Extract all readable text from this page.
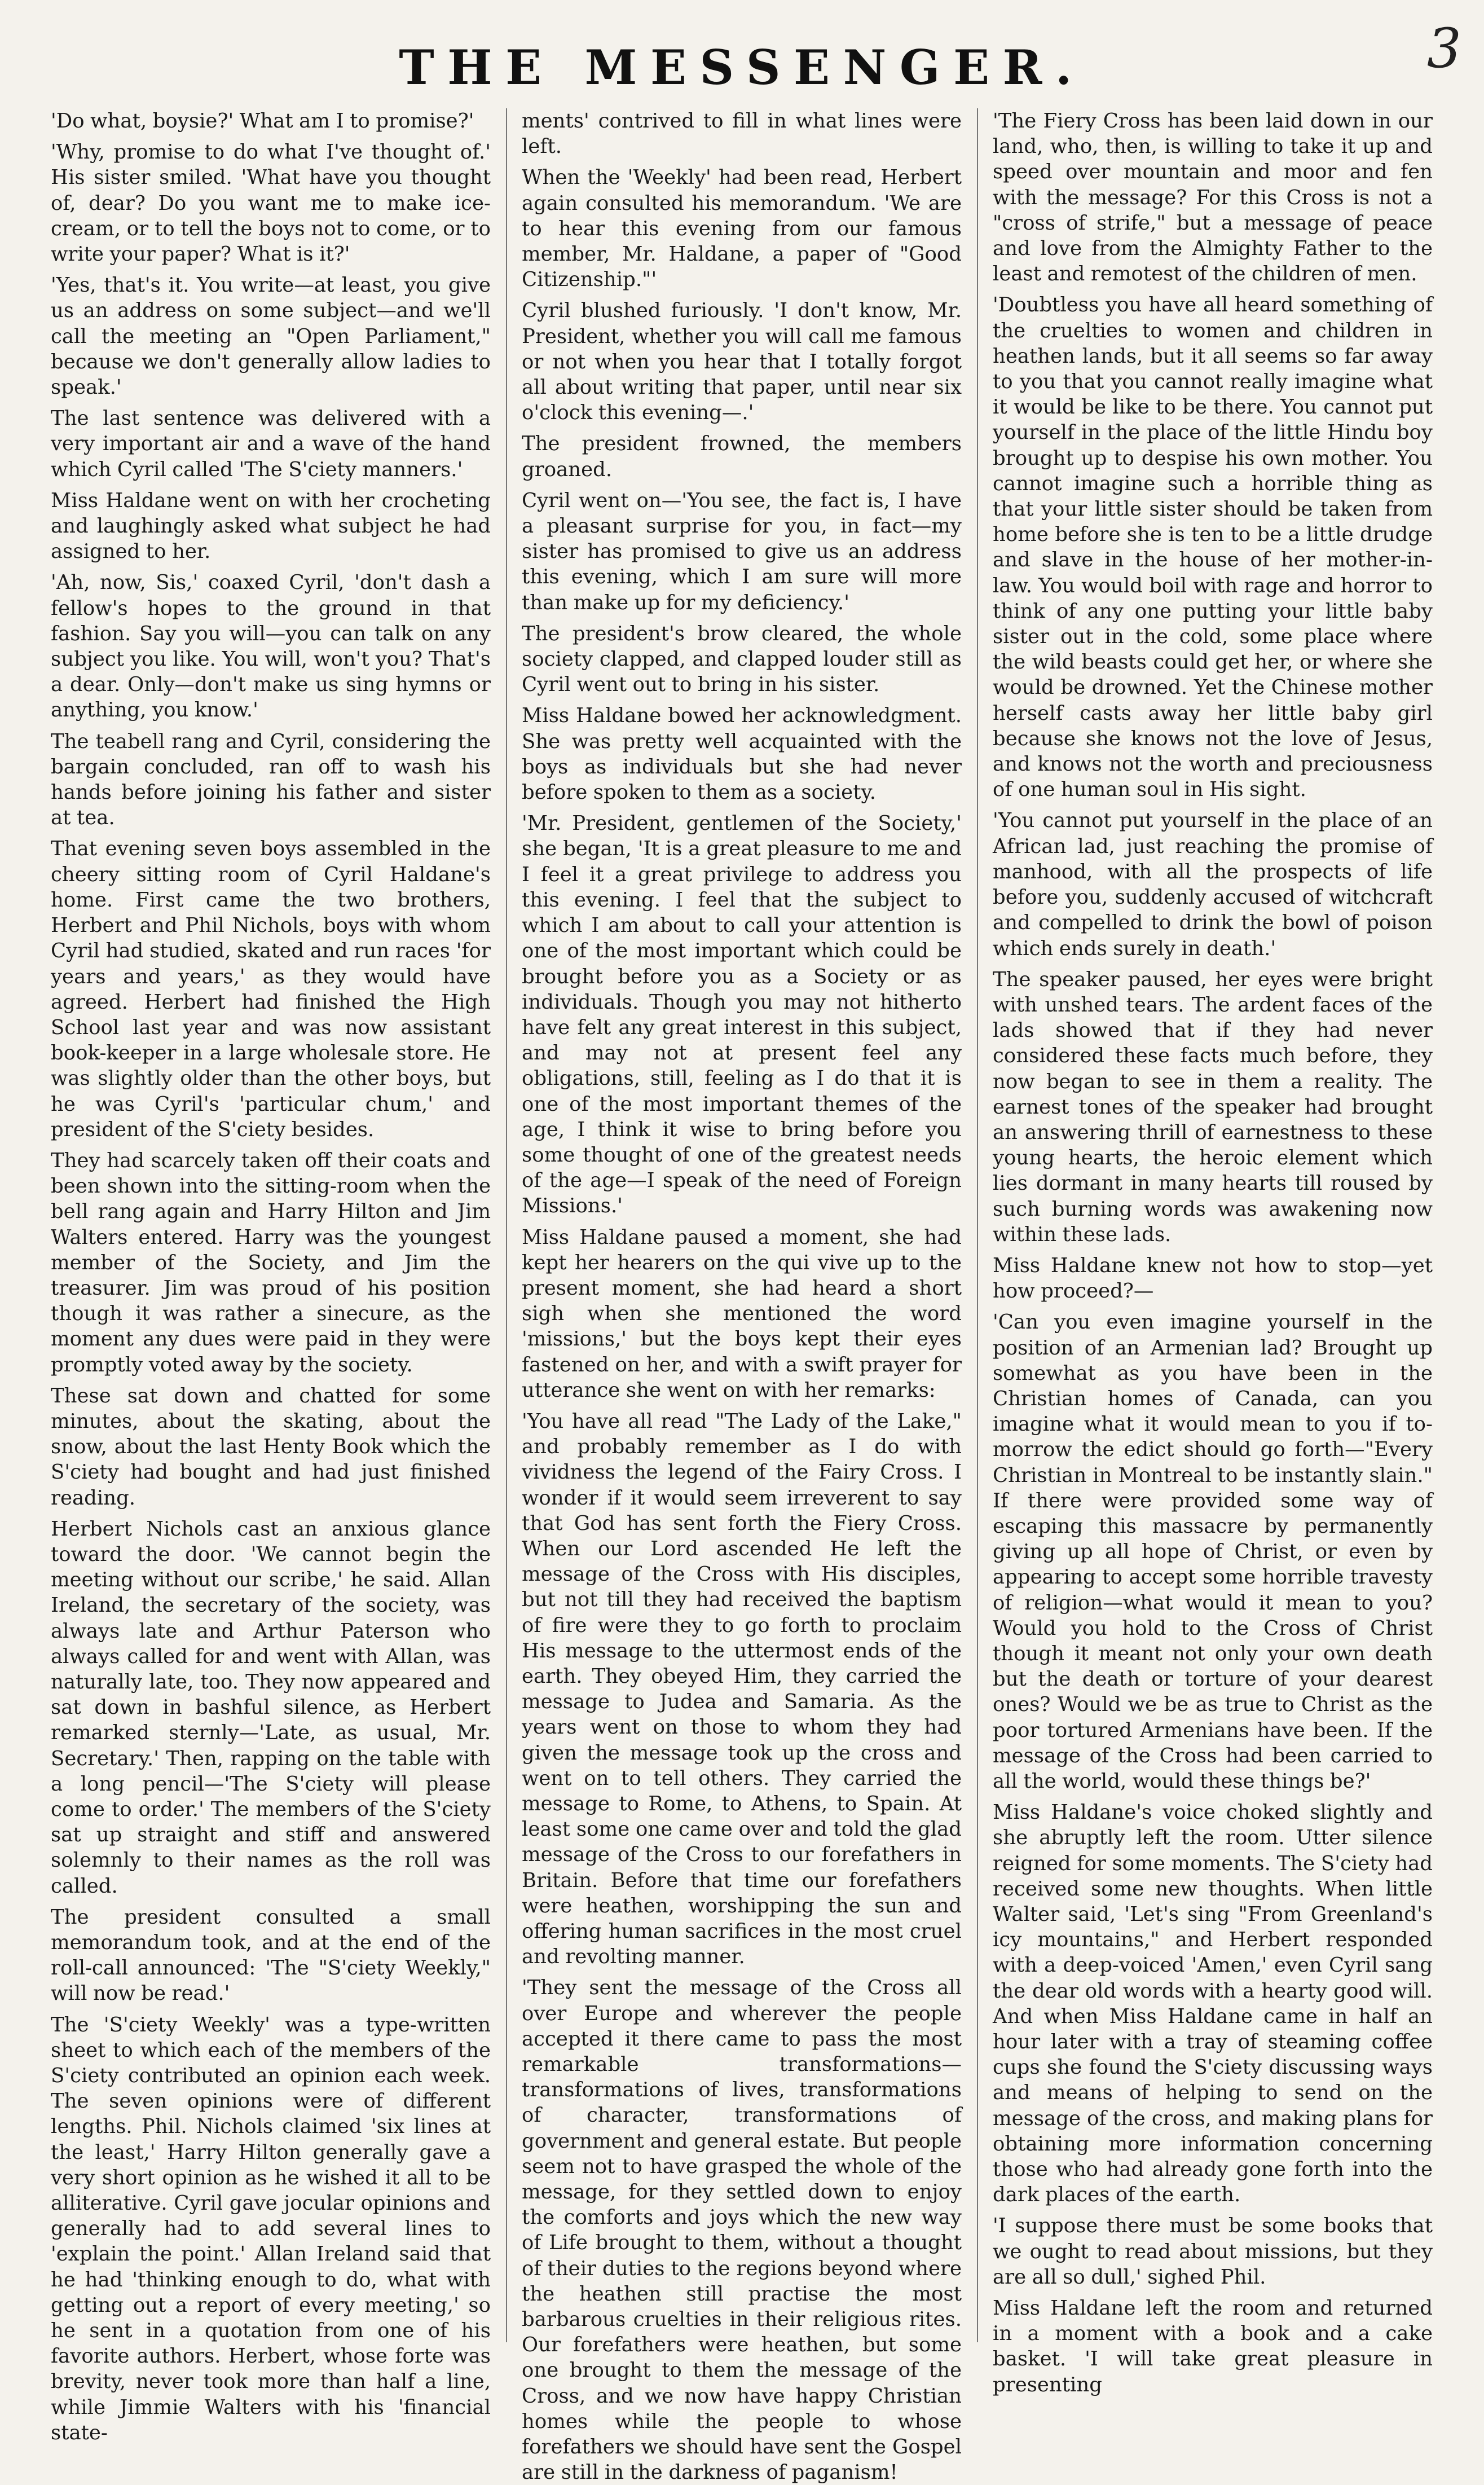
3
THE MESSENGER.

'Do what, boysie?' What am I to promise?'

'Why, promise to do what I've thought of.' His sister smiled. 'What have you thought of, dear? Do you want me to make ice-cream, or to tell the boys not to come, or to write your paper? What is it?'

'Yes, that's it. You write—at least, you give us an address on some subject—and we'll call the meeting an "Open Parliament," because we don't generally allow ladies to speak.'

The last sentence was delivered with a very important air and a wave of the hand which Cyril called 'The S'ciety manners.'

Miss Haldane went on with her crocheting and laughingly asked what subject he had assigned to her.

'Ah, now, Sis,' coaxed Cyril, 'don't dash a fellow's hopes to the ground in that fashion. Say you will—you can talk on any subject you like. You will, won't you? That's a dear. Only—don't make us sing hymns or anything, you know.'

The teabell rang and Cyril, considering the bargain concluded, ran off to wash his hands before joining his father and sister at tea.

That evening seven boys assembled in the cheery sitting room of Cyril Haldane's home. First came the two brothers, Herbert and Phil Nichols, boys with whom Cyril had studied, skated and run races 'for years and years,' as they would have agreed. Herbert had finished the High School last year and was now assistant book-keeper in a large wholesale store. He was slightly older than the other boys, but he was Cyril's 'particular chum,' and president of the S'ciety besides.

They had scarcely taken off their coats and been shown into the sitting-room when the bell rang again and Harry Hilton and Jim Walters entered. Harry was the youngest member of the Society, and Jim the treasurer. Jim was proud of his position though it was rather a sinecure, as the moment any dues were paid in they were promptly voted away by the society.

These sat down and chatted for some minutes, about the skating, about the snow, about the last Henty Book which the S'ciety had bought and had just finished reading.

Herbert Nichols cast an anxious glance toward the door. 'We cannot begin the meeting without our scribe,' he said. Allan Ireland, the secretary of the society, was always late and Arthur Paterson who always called for and went with Allan, was naturally late, too. They now appeared and sat down in bashful silence, as Herbert remarked sternly—'Late, as usual, Mr. Secretary.' Then, rapping on the table with a long pencil—'The S'ciety will please come to order.' The members of the S'ciety sat up straight and stiff and answered solemnly to their names as the roll was called.

The president consulted a small memorandum took, and at the end of the roll-call announced: 'The "S'ciety Weekly," will now be read.'

The 'S'ciety Weekly' was a type-written sheet to which each of the members of the S'ciety contributed an opinion each week. The seven opinions were of different lengths. Phil. Nichols claimed 'six lines at the least,' Harry Hilton generally gave a very short opinion as he wished it all to be alliterative. Cyril gave jocular opinions and generally had to add several lines to 'explain the point.' Allan Ireland said that he had 'thinking enough to do, what with getting out a report of every meeting,' so he sent in a quotation from one of his favorite authors. Herbert, whose forte was brevity, never took more than half a line, while Jimmie Walters with his 'financial state-

ments' contrived to fill in what lines were left.

When the 'Weekly' had been read, Herbert again consulted his memorandum. 'We are to hear this evening from our famous member, Mr. Haldane, a paper of "Good Citizenship."'

Cyril blushed furiously. 'I don't know, Mr. President, whether you will call me famous or not when you hear that I totally forgot all about writing that paper, until near six o'clock this evening—.'

The president frowned, the members groaned.

Cyril went on—'You see, the fact is, I have a pleasant surprise for you, in fact—my sister has promised to give us an address this evening, which I am sure will more than make up for my deficiency.'

The president's brow cleared, the whole society clapped, and clapped louder still as Cyril went out to bring in his sister.

Miss Haldane bowed her acknowledgment. She was pretty well acquainted with the boys as individuals but she had never before spoken to them as a society.

'Mr. President, gentlemen of the Society,' she began, 'It is a great pleasure to me and I feel it a great privilege to address you this evening. I feel that the subject to which I am about to call your attention is one of the most important which could be brought before you as a Society or as individuals. Though you may not hitherto have felt any great interest in this subject, and may not at present feel any obligations, still, feeling as I do that it is one of the most important themes of the age, I think it wise to bring before you some thought of one of the greatest needs of the age—I speak of the need of Foreign Missions.'

Miss Haldane paused a moment, she had kept her hearers on the qui vive up to the present moment, she had heard a short sigh when she mentioned the word 'missions,' but the boys kept their eyes fastened on her, and with a swift prayer for utterance she went on with her remarks:

'You have all read "The Lady of the Lake," and probably remember as I do with vividness the legend of the Fairy Cross. I wonder if it would seem irreverent to say that God has sent forth the Fiery Cross. When our Lord ascended He left the message of the Cross with His disciples, but not till they had received the baptism of fire were they to go forth to proclaim His message to the uttermost ends of the earth. They obeyed Him, they carried the message to Judea and Samaria. As the years went on those to whom they had given the message took up the cross and went on to tell others. They carried the message to Rome, to Athens, to Spain. At least some one came over and told the glad message of the Cross to our forefathers in Britain. Before that time our forefathers were heathen, worshipping the sun and offering human sacrifices in the most cruel and revolting manner.

'They sent the message of the Cross all over Europe and wherever the people accepted it there came to pass the most remarkable transformations—transformations of lives, transformations of character, transformations of government and general estate. But people seem not to have grasped the whole of the message, for they settled down to enjoy the comforts and joys which the new way of Life brought to them, without a thought of their duties to the regions beyond where the heathen still practise the most barbarous cruelties in their religious rites. Our forefathers were heathen, but some one brought to them the message of the Cross, and we now have happy Christian homes while the people to whose forefathers we should have sent the Gospel are still in the darkness of paganism!

'The Fiery Cross has been laid down in our land, who, then, is willing to take it up and speed over mountain and moor and fen with the message? For this Cross is not a "cross of strife," but a message of peace and love from the Almighty Father to the least and remotest of the children of men.

'Doubtless you have all heard something of the cruelties to women and children in heathen lands, but it all seems so far away to you that you cannot really imagine what it would be like to be there. You cannot put yourself in the place of the little Hindu boy brought up to despise his own mother. You cannot imagine such a horrible thing as that your little sister should be taken from home before she is ten to be a little drudge and slave in the house of her mother-in-law. You would boil with rage and horror to think of any one putting your little baby sister out in the cold, some place where the wild beasts could get her, or where she would be drowned. Yet the Chinese mother herself casts away her little baby girl because she knows not the love of Jesus, and knows not the worth and preciousness of one human soul in His sight.

'You cannot put yourself in the place of an African lad, just reaching the promise of manhood, with all the prospects of life before you, suddenly accused of witchcraft and compelled to drink the bowl of poison which ends surely in death.'

The speaker paused, her eyes were bright with unshed tears. The ardent faces of the lads showed that if they had never considered these facts much before, they now began to see in them a reality. The earnest tones of the speaker had brought an answering thrill of earnestness to these young hearts, the heroic element which lies dormant in many hearts till roused by such burning words was awakening now within these lads.

Miss Haldane knew not how to stop—yet how proceed?—

'Can you even imagine yourself in the position of an Armenian lad? Brought up somewhat as you have been in the Christian homes of Canada, can you imagine what it would mean to you if to-morrow the edict should go forth—"Every Christian in Montreal to be instantly slain." If there were provided some way of escaping this massacre by permanently giving up all hope of Christ, or even by appearing to accept some horrible travesty of religion—what would it mean to you? Would you hold to the Cross of Christ though it meant not only your own death but the death or torture of your dearest ones? Would we be as true to Christ as the poor tortured Armenians have been. If the message of the Cross had been carried to all the world, would these things be?'

Miss Haldane's voice choked slightly and she abruptly left the room. Utter silence reigned for some moments. The S'ciety had received some new thoughts. When little Walter said, 'Let's sing "From Greenland's icy mountains," and Herbert responded with a deep-voiced 'Amen,' even Cyril sang the dear old words with a hearty good will. And when Miss Haldane came in half an hour later with a tray of steaming coffee cups she found the S'ciety discussing ways and means of helping to send on the message of the cross, and making plans for obtaining more information concerning those who had already gone forth into the dark places of the earth.

'I suppose there must be some books that we ought to read about missions, but they are all so dull,' sighed Phil.

Miss Haldane left the room and returned in a moment with a book and a cake basket. 'I will take great pleasure in presenting
